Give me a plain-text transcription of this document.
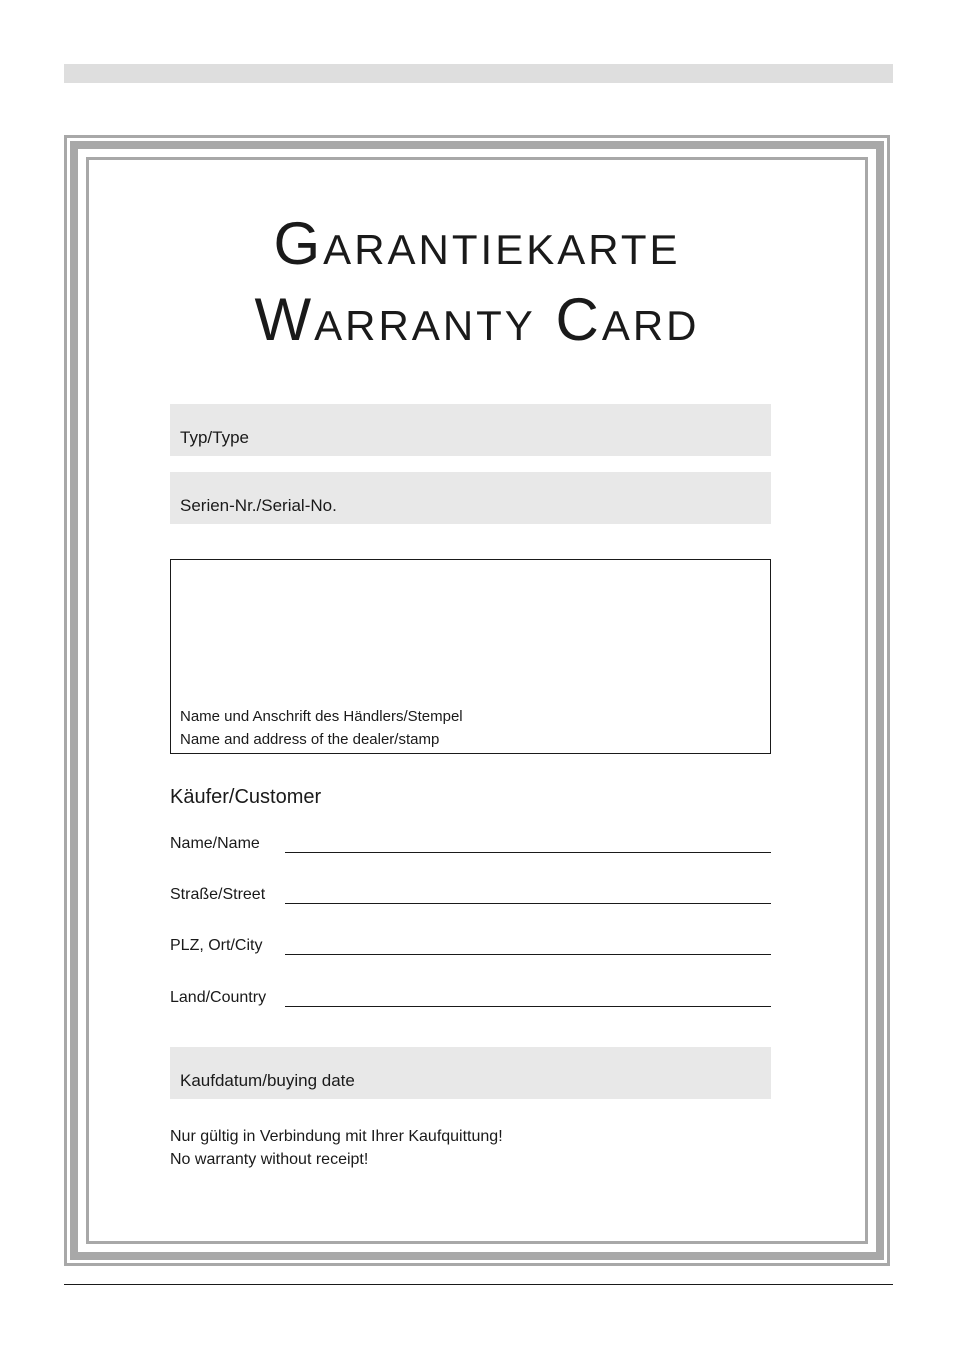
Garantiekarte
Warranty Card
Typ/Type
Serien-Nr./Serial-No.
Name und Anschrift des Händlers/Stempel
Name and address of the dealer/stamp
Käufer/Customer
Name/Name
Straße/Street
PLZ, Ort/City
Land/Country
Kaufdatum/buying date
Nur gültig in Verbindung mit Ihrer Kaufquittung!
No warranty without receipt!
